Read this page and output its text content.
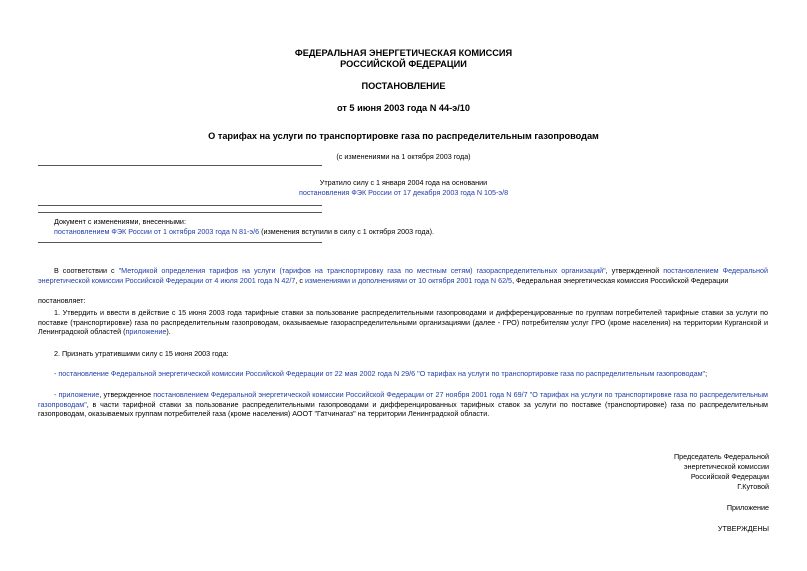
ФЕДЕРАЛЬНАЯ ЭНЕРГЕТИЧЕСКАЯ КОМИССИЯ
РОССИЙСКОЙ ФЕДЕРАЦИИ
ПОСТАНОВЛЕНИЕ
от 5 июня 2003 года N 44-э/10
О тарифах на услуги по транспортировке газа по распределительным газопроводам
(с изменениями на 1 октября 2003 года)
Утратило силу с 1 января 2004 года на основании
постановления ФЭК России от 17 декабря 2003 года N 105-э/8
Документ с изменениями, внесенными:
постановлением ФЭК России от 1 октября 2003 года N 81-э/6 (изменения вступили в силу с 1 октября 2003 года).
В соответствии с "Методикой определения тарифов на услуги (тарифов на транспортировку газа по местным сетям) газораспределительных организаций", утвержденной постановлением Федеральной энергетической комиссии Российской Федерации от 4 июля 2001 года N 42/7, с изменениями и дополнениями от 10 октября 2001 года N 62/5, Федеральная энергетическая комиссия Российской Федерации
постановляет:
1. Утвердить и ввести в действие с 15 июня 2003 года тарифные ставки за пользование распределительными газопроводами и дифференцированные по группам потребителей тарифные ставки за услуги по поставке (транспортировке) газа по распределительным газопроводам, оказываемые газораспределительными организациями (далее - ГРО) потребителям услуг ГРО (кроме населения) на территории Курганской и Ленинградской областей (приложение).
2. Признать утратившими силу с 15 июня 2003 года:
- постановление Федеральной энергетической комиссии Российской Федерации от 22 мая 2002 года N 29/6 "О тарифах на услуги по транспортировке газа по распределительным газопроводам";
- приложение, утвержденное постановлением Федеральной энергетической комиссии Российской Федерации от 27 ноября 2001 года N 69/7 "О тарифах на услуги по транспортировке газа по распределительным газопроводам", в части тарифной ставки за пользование распределительными газопроводами и дифференцированных тарифных ставок за услуги по поставке (транспортировке) газа по распределительным газопроводам, оказываемых группам потребителей газа (кроме населения) АООТ "Гатчинагаз" на территории Ленинградской области.
Председатель Федеральной
энергетической комиссии
Российской Федерации
Г.Кутовой
Приложение
УТВЕРЖДЕНЫ
